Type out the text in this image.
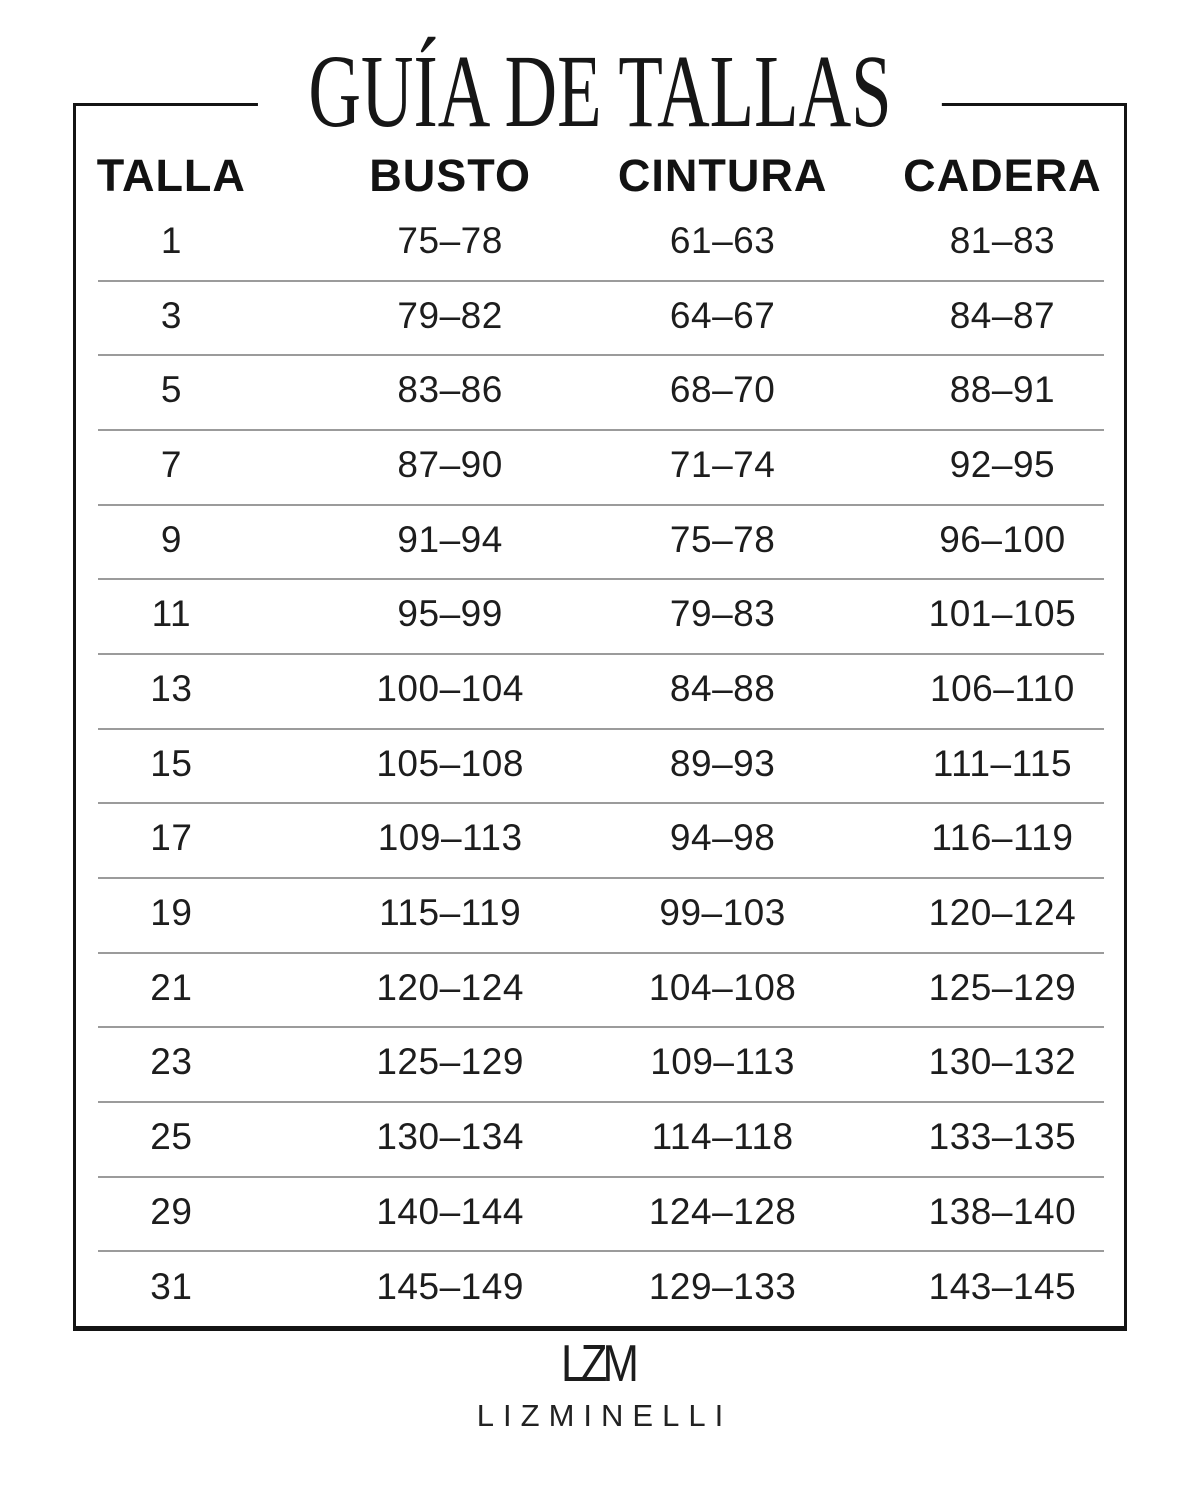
GUÍA DE TALLAS
TALLA	BUSTO CINTURA CADERA
1	75–78	61–63	81–83
3	79–82	64–67	84–87
5	83–86	68–70	88–91
7	87–90	71–74	92–95
9	91–94	75–78	96–100
11	95–99	79–83	101–105
13	100–104	84–88	106–110
15	105–108	89–93	111–115
17	109–113	94–98	116–119
19	115–119	99–103	120–124
21	120–124	104–108	125–129
23	125–129	109–113	130–132
25	130–134	114–118	133–135
29	140–144	124–128	138–140
31	145–149	129–133	143–145
LZM
LIZMINELLI
